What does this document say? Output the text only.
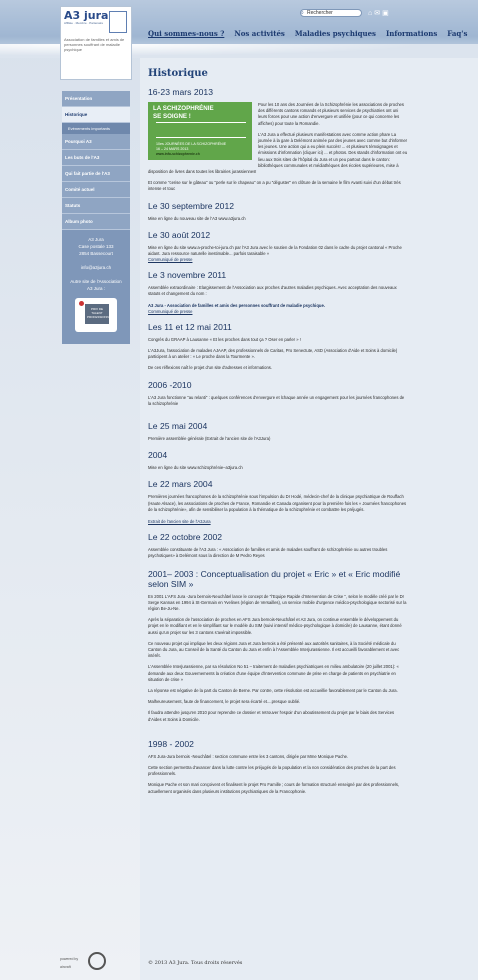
A3 jura
Affiliée · Membre · Partenaire
Association de familles et amis de personnes souffrant de maladie psychique
Rechercher
⌕	⌂✉▣
Qui sommes-nous ? Nos activités Maladies psychiques Informations Faq's
Présentation
Historique
Evènements importants
Pourquoi A3
Les buts de l'A3
Qui fait partie de l'A3
Comité actuel
Statuts
Album photo
A3 Jura
Case postale 133
2854 Bassecourt

info@a3jura.ch

Autre site de l'Association
A3 Jura :
PRIX DE TALENT PROFESSIONNEL
Historique
16-23 mars 2013
LA SCHIZOPHRÉNIE
SE SOIGNE !
10es JOURNÉES DE LA SCHIZOPHRÉNIE
16 – 24 MARS 2013
www.info-schizophrenie.ch
Pour les 10 ans des Journées de la Schizophrénie les associations de proches des différents cantons romands et plusieurs services de psychiatries ont uni leurs forces pour une action d'envergure et unifiée (pour ce qui concerne les affiches) pour toute la Romandie.
L'A3 Jura a effectué plusieurs manifestations avec comme action phare La journée à la gare à Delémont animée par des jeunes avec comme but d'informer les jeunes. Une action qui a eu plein succès! ... et plusieurs témoignages et émissions d'information (cliquer ici) ... et photos. Des stands d'information ont eu lieu aux trois sites de l'hôpital du Jura et un peu partout dans le canton: bibliothèques communales et médiathèques des écoles supérieures, mise à disposition de livres dans toutes les librairies jurassiennes!
Et comme "cerise sur le gâteau" ou "perle sur le chapeau" on a pu "déguster" en clôture de la semaine le film Avanti suivi d'un débat très intense et touc
Le 30 septembre 2012
Mise en ligne du nouveau site de l'A3 www.a3jura.ch
Le 30 août 2012
Mise en ligne du site www.a-proche-toi-jura.ch par l'A3 Jura avec le soutien de la Fondation 02 dans le cadre du projet cantonal « Proche aidant. Jura ressource naturelle inestimable... parfois taraisable »
Communiqué de presse
Le 3 novembre 2011
Assemblée extraordinaire : Elargissement de l'Association aux proches d'autres maladies psychiques. Avec acceptation des nouveaux statuts et changement du nom :
A3 Jura - Association de familles et amis des personnes souffrant de maladie psychique.
Communiqué de presse
Les 11 et 12 mai 2011
Congrès du GRAAP à Lausanne « Et les proches dans tout ça ? Oser en parler » !
L'A3Jura, l'association de malades AJAAP, des professionnels de Caritas, Pro Senectute, ASD (Association d'Aide et Soins à domicile) participent à un atelier : « Le proche dans la Tourmente ».
De ces réflexions naît le projet d'un site d'adresses et informations.
2006 -2010
L'A3 Jura fonctionne "au relanti" : quelques conférences d'envergure et lchaque année un engagement pour les journées francophones de la schizophrénie
Le 25 mai 2004
Première assemblée générale (Extrait de l'ancien site de l'A3Jura)
2004
Mise en ligne du site www.schizophrénie–a3jura.ch
Le 22 mars 2004
Premières journées francophones de la schizophrénie sous l'impulsion du Dr Hodé, médecin-chef de la clinique psychiatrique de Rouffach (Haute Alsace), les associations de proches de France, Romandie et Canada organisent pour la première fois les « Journées francophones de la schizophrénie», afin de sensibiliser la population à la thématique de la schizophrénie et combattre les préjugés.
Extrait de l'ancien site de l'A3Jura
Le 22 octobre 2002
Assemblée constituante de l'A3 Jura : « Association de familles et amis de malades souffrant de schizophrénie ou autres troubles psychotiques» à Delémont sous la direction de M Pedro Reyes
2001– 2003 : Conceptualisation du projet « Eric » et « Eric modifié selon SIM »
En 2001 L'AFS Jura -Jura bernois-Neuchâtel lance le concept de "l'Equipe Rapide d'Intervention de Crise ", selon le modèle créé par le Dr Serge Kannas en 1994 à St-Germain en Yvelines (région de Versailles), un service mobile d'urgence médico-psychologique sectorisé sur la région Be-Ju-Ne.
Après la séparation de l'association de proches en AFS Jura bernois-Neuchâtel et A3 Jura, on continue ensemble le développement du projet en le modifiant et en le simplifiant sur le modèle du SIM (suivi intensif médico-psychologique à domicile) de Lausanne, étant donné aussi qu'un projet sur les 3 cantons s'avérait impossible.
Ce nouveau projet qui implique les deux régions Jura et Jura bernois a été présenté aux autorités sanitaires, à la Société médicale du Canton du Jura, au Conseil de la Santé du Canton du Jura et enfin à l'Assemblée Interjurassienne. Il est accueilli favorablement et avec intérêt.
L'Assemblée Interjurassienne, par sa résolution No 51 – traitement de maladies psychiatriques en milieu ambulatoire (20 juillet 2001): « demande aux deux Gouvernements la création d'une équipe d'intervention commune de prise en charge de patients en psychiatrie en situation de crise »
La réponse est négative de la part du Canton de Berne. Par contre, cette résolution est accueillie favorablement par le Canton du Jura.
Malheureusement, faute de financement, le projet sera écarté et....presque oublié.
Il faudra attendre jusqu'en 2010 pour reprendre ce dossier et retrouver l'espoir d'un aboutissement du projet par le biais des Services d'Aides et Soins à Domicile.
1998 - 2002
AFS Jura-Jura bernois -Neuchâtel : section commune entre les 3 cantons, dirigée par Mme Monique Pache.
Cette section permettra d'avancer dans la lutte contre les préjugés de la population et la non considération des proches de la part des professionnels.
Monique Pache et son mari conçoivent et finalisent le projet Pro Famille ; cours de formation structuré enseigné par des professionnels, actuellement organisés dans plusieurs institutions psychiatriques de la Francophonie.
powered by
aircraft
© 2013 A3 Jura. Tous droits réservés
